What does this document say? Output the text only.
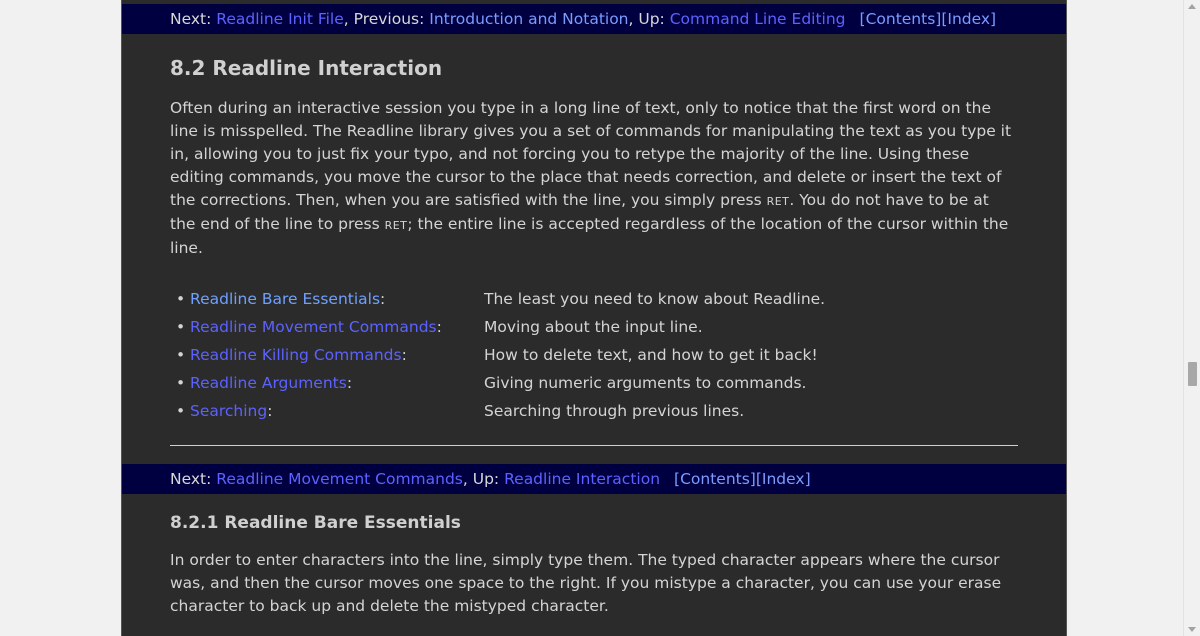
Next: Readline Init File, Previous: Introduction and Notation, Up: Command Line Editing [Contents][Index]
8.2 Readline Interaction

Often during an interactive session you type in a long line of text, only to notice that the first word on the line is misspelled. The Readline library gives you a set of commands for manipulating the text as you type it in, allowing you to just fix your typo, and not forcing you to retype the majority of the line. Using these editing commands, you move the cursor to the place that needs correction, and delete or insert the text of the corrections. Then, when you are satisfied with the line, you simply press RET. You do not have to be at the end of the line to press RET; the entire line is accepted regardless of the location of the cursor within the line.

• Readline Bare Essentials:	The least you need to know about Readline.
• Readline Movement Commands:	Moving about the input line.
• Readline Killing Commands:	How to delete text, and how to get it back!
• Readline Arguments:	Giving numeric arguments to commands.
• Searching:	Searching through previous lines.
Next: Readline Movement Commands, Up: Readline Interaction [Contents][Index]
8.2.1 Readline Bare Essentials

In order to enter characters into the line, simply type them. The typed character appears where the cursor was, and then the cursor moves one space to the right. If you mistype a character, you can use your erase character to back up and delete the mistyped character.
